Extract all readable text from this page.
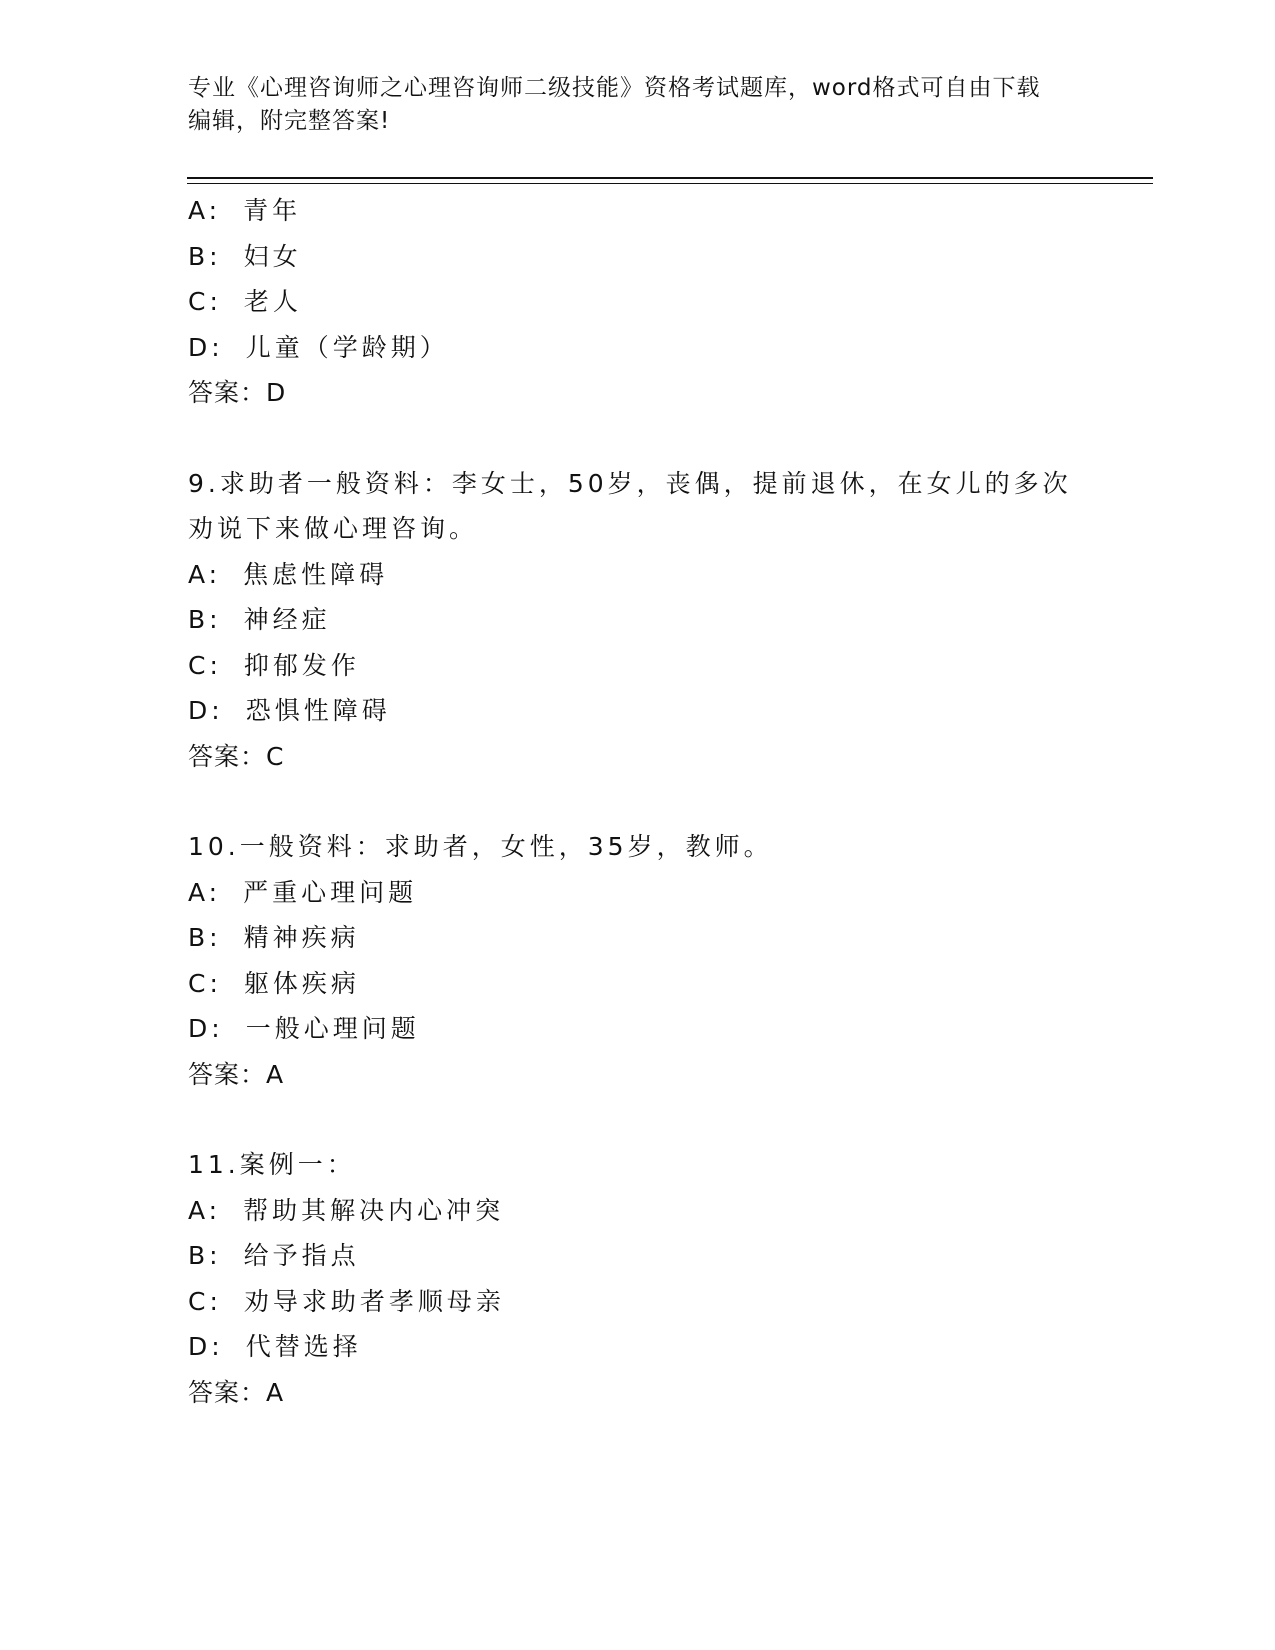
专业《心理咨询师之心理咨询师二级技能》资格考试题库，word格式可自由下载
编辑，附完整答案!
A: 青年
B: 妇女
C: 老人
D: 儿童（学龄期）
答案：D
9.求助者一般资料：李女士，50岁，丧偶，提前退休，在女儿的多次
劝说下来做心理咨询。
A: 焦虑性障碍
B: 神经症
C: 抑郁发作
D: 恐惧性障碍
答案：C
10.一般资料：求助者，女性，35岁，教师。
A: 严重心理问题
B: 精神疾病
C: 躯体疾病
D: 一般心理问题
答案：A
11.案例一：
A: 帮助其解决内心冲突
B: 给予指点
C: 劝导求助者孝顺母亲
D: 代替选择
答案：A
